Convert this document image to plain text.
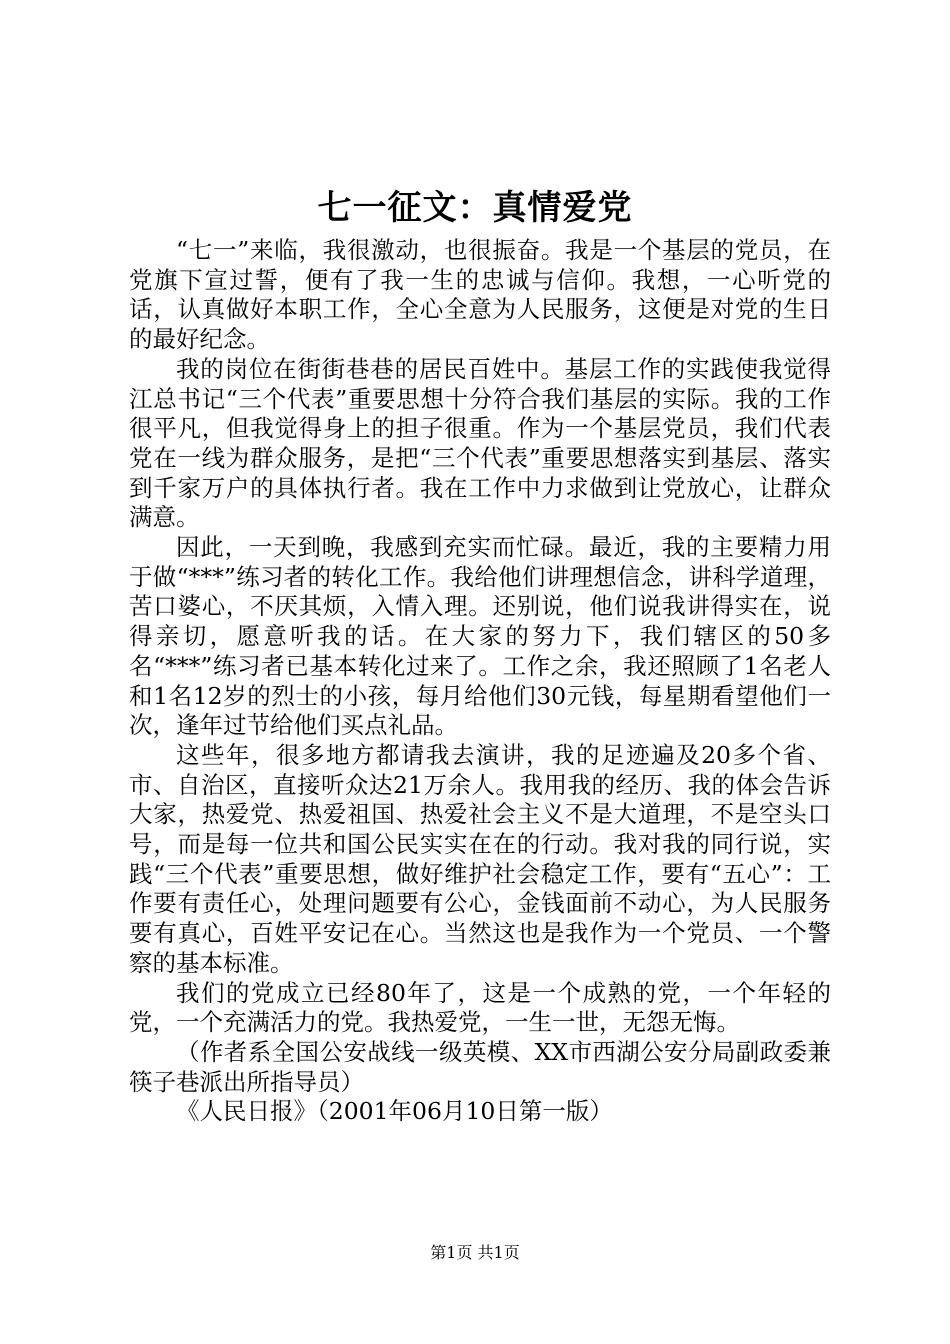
七一征文：真情爱党

“七一”来临，我很激动，也很振奋。我是一个基层的党员，在党旗下宣过誓，便有了我一生的忠诚与信仰。我想，一心听党的话，认真做好本职工作，全心全意为人民服务，这便是对党的生日的最好纪念。

我的岗位在街街巷巷的居民百姓中。基层工作的实践使我觉得江总书记“三个代表”重要思想十分符合我们基层的实际。我的工作很平凡，但我觉得身上的担子很重。作为一个基层党员，我们代表党在一线为群众服务，是把“三个代表”重要思想落实到基层、落实到千家万户的具体执行者。我在工作中力求做到让党放心，让群众满意。

因此，一天到晚，我感到充实而忙碌。最近，我的主要精力用于做“***”练习者的转化工作。我给他们讲理想信念，讲科学道理，苦口婆心，不厌其烦，入情入理。还别说，他们说我讲得实在，说得亲切，愿意听我的话。在大家的努力下，我们辖区的50多名“***”练习者已基本转化过来了。工作之余，我还照顾了1名老人和1名12岁的烈士的小孩，每月给他们30元钱，每星期看望他们一次，逢年过节给他们买点礼品。

这些年，很多地方都请我去演讲，我的足迹遍及20多个省、市、自治区，直接听众达21万余人。我用我的经历、我的体会告诉大家，热爱党、热爱祖国、热爱社会主义不是大道理，不是空头口号，而是每一位共和国公民实实在在的行动。我对我的同行说，实践“三个代表”重要思想，做好维护社会稳定工作，要有“五心”：工作要有责任心，处理问题要有公心，金钱面前不动心，为人民服务要有真心，百姓平安记在心。当然这也是我作为一个党员、一个警察的基本标准。

我们的党成立已经80年了，这是一个成熟的党，一个年轻的党，一个充满活力的党。我热爱党，一生一世，无怨无悔。

（作者系全国公安战线一级英模、XX市西湖公安分局副政委兼筷子巷派出所指导员）

《人民日报》（2001年06月10日第一版）

第1页 共1页
